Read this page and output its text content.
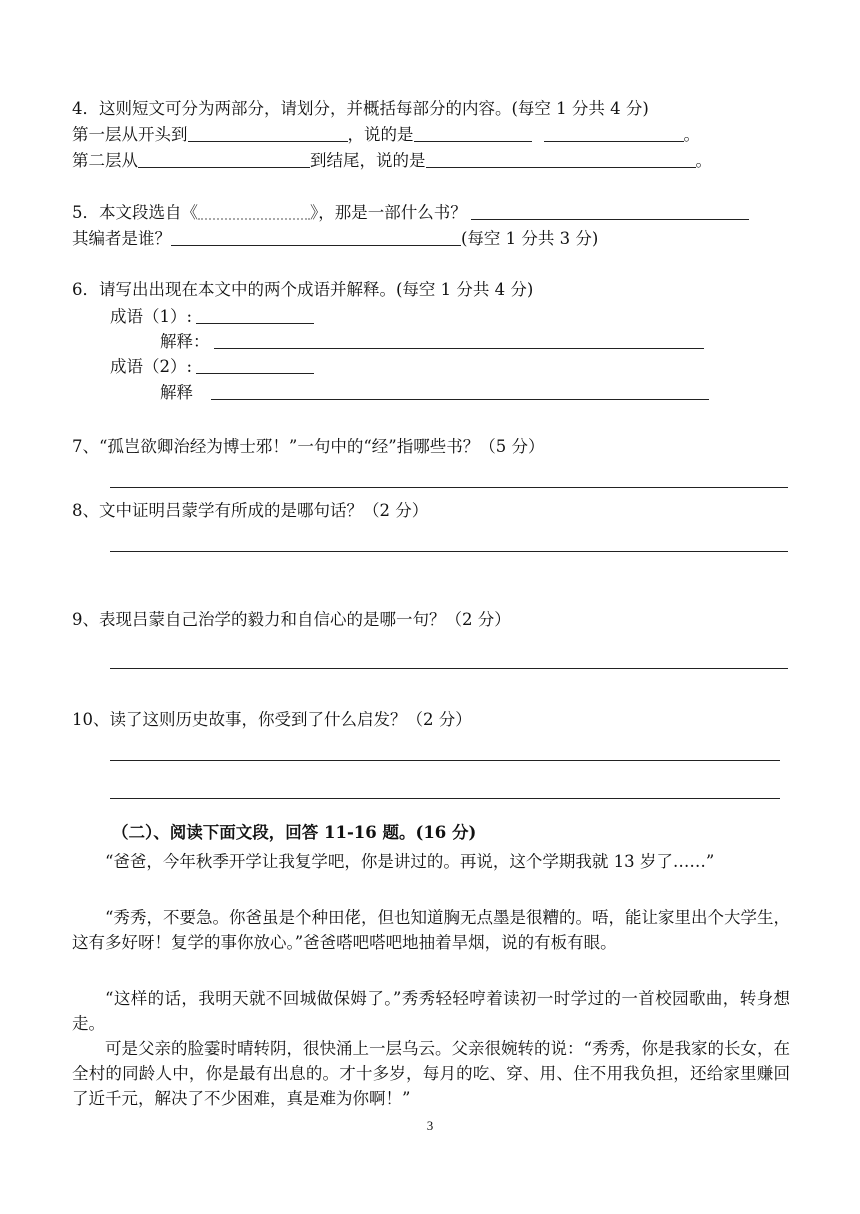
4．这则短文可分为两部分，请划分，并概括每部分的内容。(每空 1 分共 4 分)
第一层从开头到	，说的是	。
第二层从	到结尾，说的是	。
5．本文段选自《	》，那是一部什么书？
其编者是谁？	(每空 1 分共 3 分)
6．请写出出现在本文中的两个成语并解释。(每空 1 分共 4 分)
成语（1）:
解释：
成语（2）:
解释
7、“孤岂欲卿治经为博士邪！”一句中的“经”指哪些书？（5 分）
8、文中证明吕蒙学有所成的是哪句话？（2 分）
9、表现吕蒙自己治学的毅力和自信心的是哪一句？（2 分）
10、读了这则历史故事，你受到了什么启发？（2 分）
（二）、阅读下面文段，回答 11-16 题。(16 分)
“爸爸，今年秋季开学让我复学吧，你是讲过的。再说，这个学期我就 13 岁了……”
“秀秀，不要急。你爸虽是个种田佬，但也知道胸无点墨是很糟的。唔，能让家里出个大学生，这有多好呀！复学的事你放心。”爸爸嗒吧嗒吧地抽着旱烟，说的有板有眼。
“这样的话，我明天就不回城做保姆了。”秀秀轻轻哼着读初一时学过的一首校园歌曲，转身想走。
可是父亲的脸霎时晴转阴，很快涌上一层乌云。父亲很婉转的说：“秀秀，你是我家的长女，在全村的同龄人中，你是最有出息的。才十多岁，每月的吃、穿、用、住不用我负担，还给家里赚回了近千元，解决了不少困难，真是难为你啊！”
3
